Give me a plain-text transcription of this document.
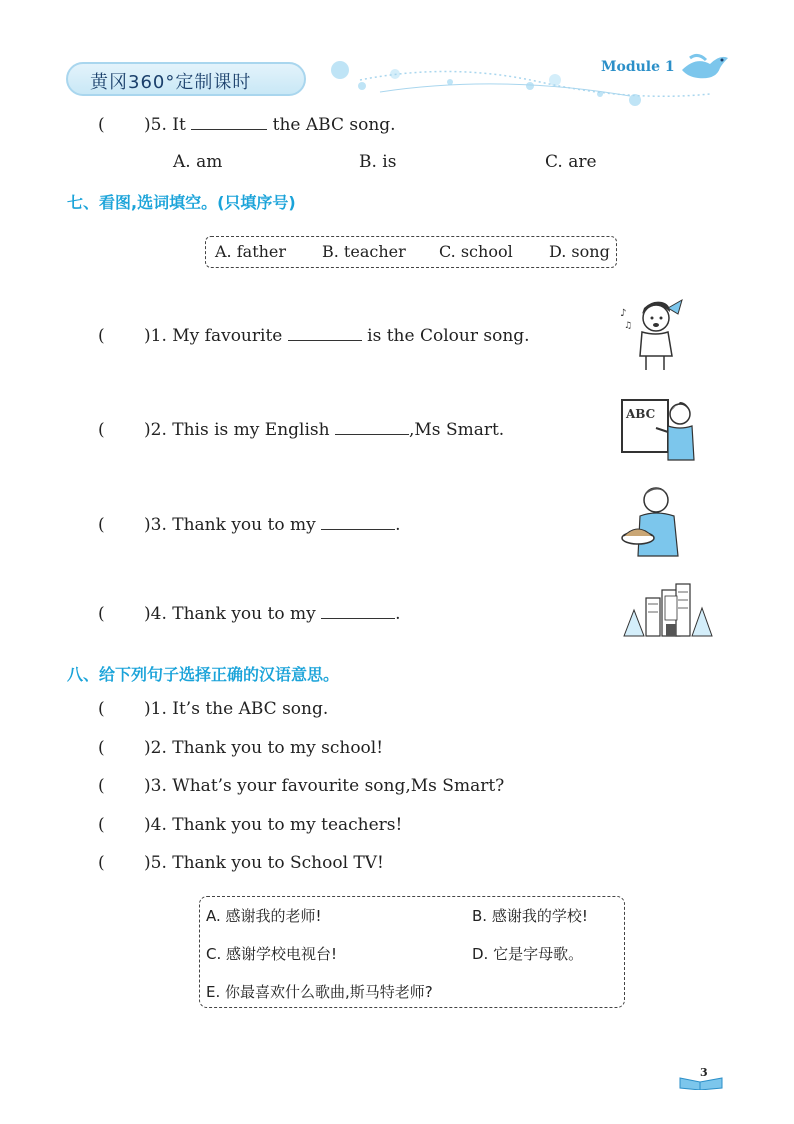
黄冈360°定制课时
Module 1
( )5. It	the ABC song.
A. am	B. is	C. are
七、看图,选词填空。(只填序号)
A. father B. teacher C. school D. song
( )1. My favourite	is the Colour song.
♪
♫
( )2. This is my English	,Ms Smart.
ABC
( )3. Thank you to my	.
( )4. Thank you to my	.
八、给下列句子选择正确的汉语意思。
( )1. It’s the ABC song.
( )2. Thank you to my school!
( )3. What’s your favourite song,Ms Smart?
( )4. Thank you to my teachers!
( )5. Thank you to School TV!
A. 感谢我的老师!	B. 感谢我的学校!
C. 感谢学校电视台!	D. 它是字母歌。
E. 你最喜欢什么歌曲,斯马特老师?
3
